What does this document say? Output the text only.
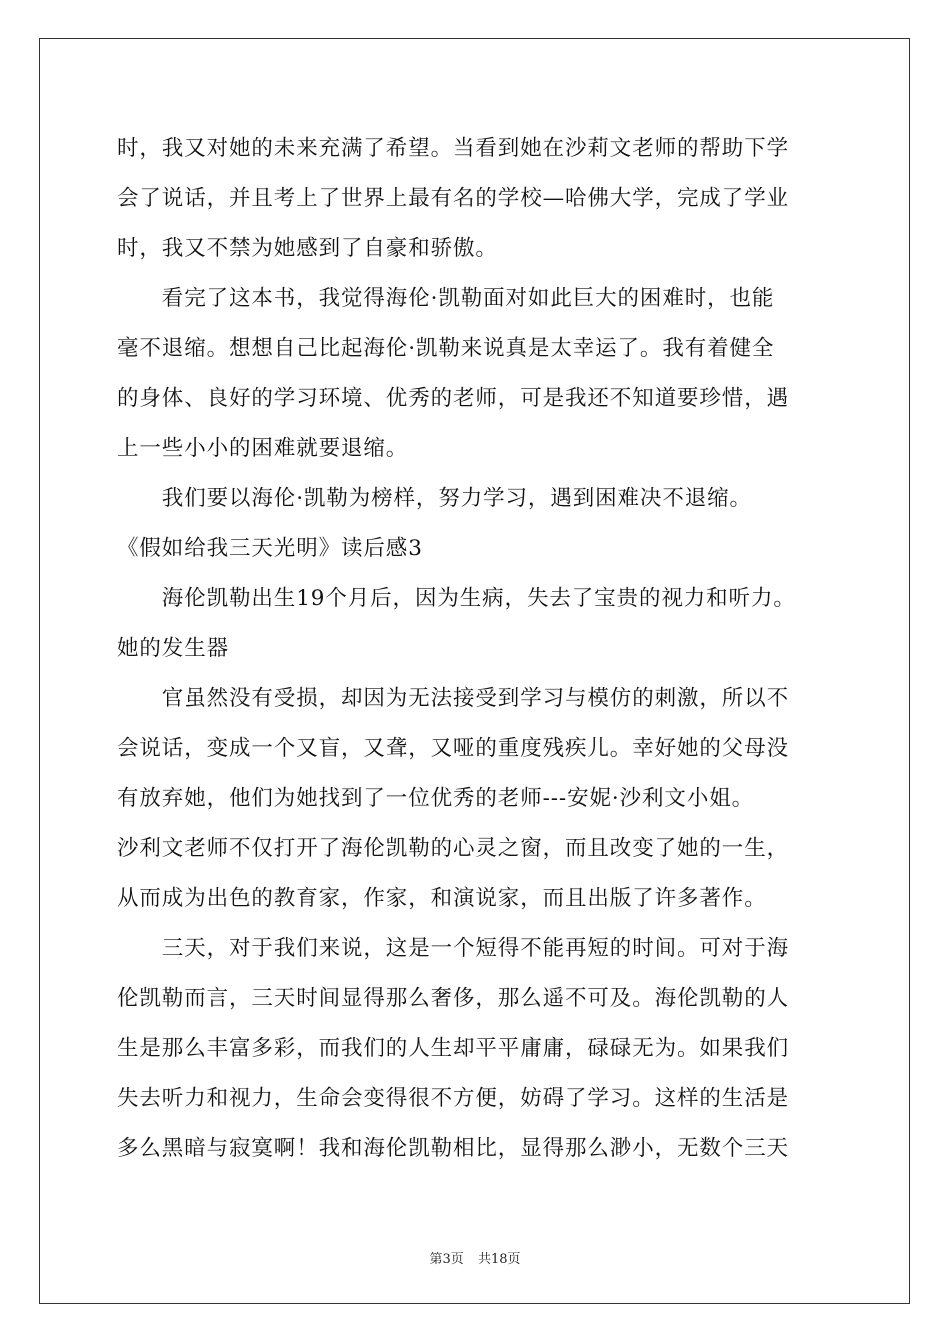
时，我又对她的未来充满了希望。当看到她在沙莉文老师的帮助下学
会了说话，并且考上了世界上最有名的学校—哈佛大学，完成了学业
时，我又不禁为她感到了自豪和骄傲。
　　看完了这本书，我觉得海伦·凯勒面对如此巨大的困难时，也能
毫不退缩。想想自己比起海伦·凯勒来说真是太幸运了。我有着健全
的身体、良好的学习环境、优秀的老师，可是我还不知道要珍惜，遇
上一些小小的困难就要退缩。
　　我们要以海伦·凯勒为榜样，努力学习，遇到困难决不退缩。
《假如给我三天光明》读后感3
　　海伦凯勒出生19个月后，因为生病，失去了宝贵的视力和听力。
她的发生器
　　官虽然没有受损，却因为无法接受到学习与模仿的刺激，所以不
会说话，变成一个又盲，又聋，又哑的重度残疾儿。幸好她的父母没
有放弃她，他们为她找到了一位优秀的老师---安妮·沙利文小姐。
沙利文老师不仅打开了海伦凯勒的心灵之窗，而且改变了她的一生，
从而成为出色的教育家，作家，和演说家，而且出版了许多著作。
　　三天，对于我们来说，这是一个短得不能再短的时间。可对于海
伦凯勒而言，三天时间显得那么奢侈，那么遥不可及。海伦凯勒的人
生是那么丰富多彩，而我们的人生却平平庸庸，碌碌无为。如果我们
失去听力和视力，生命会变得很不方便，妨碍了学习。这样的生活是
多么黑暗与寂寞啊！我和海伦凯勒相比，显得那么渺小，无数个三天
第3页 共18页
